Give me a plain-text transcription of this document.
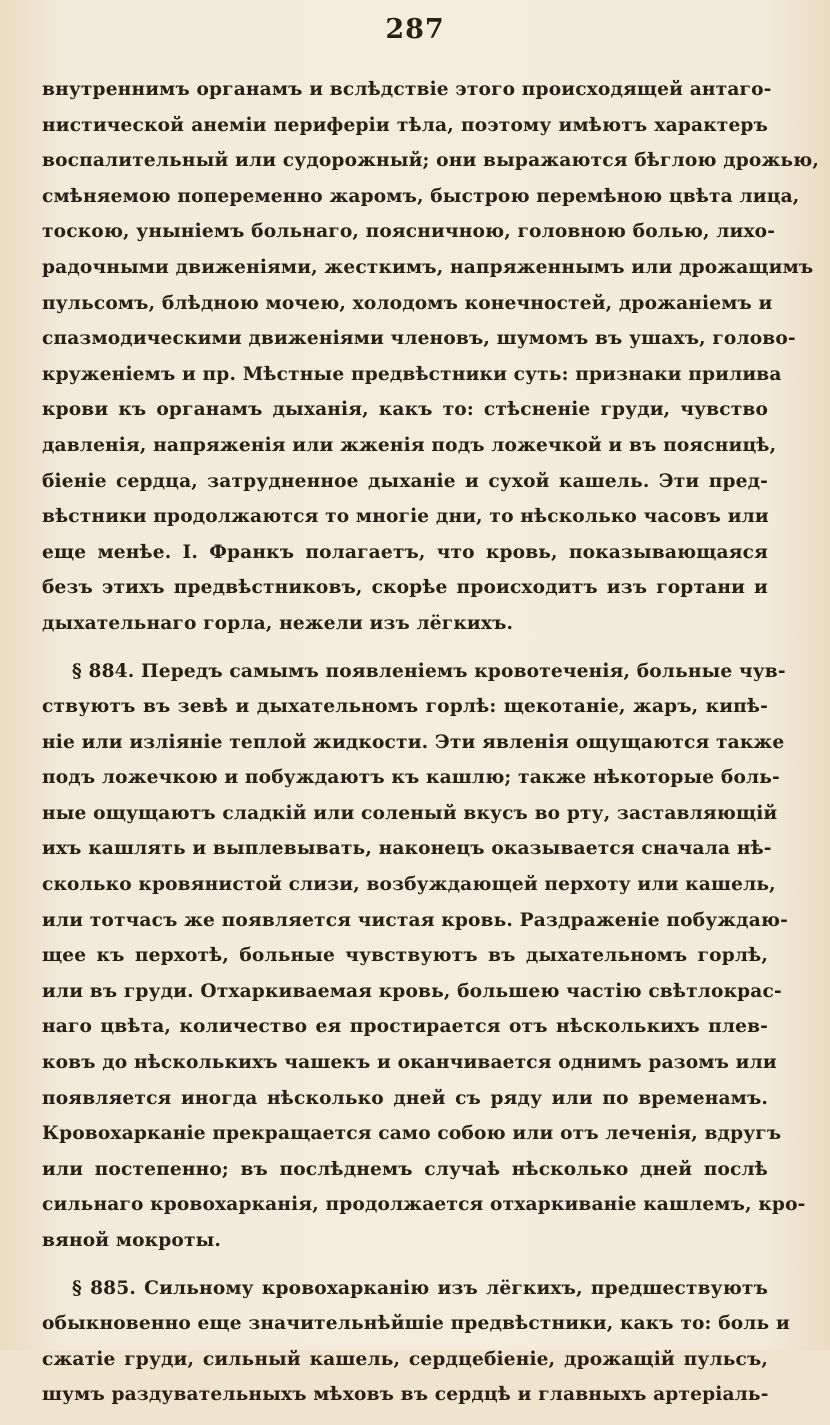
287
внутреннимъ органамъ и вслѣдствіе этого происходящей антаго-
нистической анеміи периферіи тѣла, поэтому имѣютъ характеръ
воспалительный или судорожный; они выражаются бѣглою дрожью,
смѣняемою попеременно жаромъ, быстрою перемѣною цвѣта лица,
тоскою, унынiемъ больнаго, поясничною, головною болью, лихо-
радочными движеніями, жесткимъ, напряженнымъ или дрожащимъ
пульсомъ, блѣдною мочею, холодомъ конечностей, дрожаніемъ и
спазмодическими движеніями членовъ, шумомъ въ ушахъ, голово-
круженіемъ и пр. Мѣстные предвѣстники суть: признаки прилива
крови къ органамъ дыханія, какъ то: стѣсненіе груди, чувство
давленія, напряженія или жженія подъ ложечкой и въ поясницѣ,
біеніе сердца, затрудненное дыханіе и сухой кашель. Эти пред-
вѣстники продолжаются то многіе дни, то нѣсколько часовъ или
еще менѣе. І. Франкъ полагаетъ, что кровь, показывающаяся
безъ этихъ предвѣстниковъ, скорѣе происходитъ изъ гортани и
дыхательнаго горла, нежели изъ лёгкихъ.
§ 884. Передъ самымъ появленіемъ кровотеченія, больные чув-
ствуютъ въ зевѣ и дыхательномъ горлѣ: щекотаніе, жаръ, кипѣ-
ніе или изліяніе теплой жидкости. Эти явленія ощущаются также
подъ ложечкою и побуждаютъ къ кашлю; также нѣкоторые боль-
ные ощущаютъ сладкій или соленый вкусъ во рту, заставляющій
ихъ кашлять и выплевывать, наконецъ оказывается сначала нѣ-
сколько кровянистой слизи, возбуждающей перхоту или кашель,
или тотчасъ же появляется чистая кровь. Раздраженіе побуждаю-
щее къ перхотѣ, больные чувствуютъ въ дыхательномъ горлѣ,
или въ груди. Отхаркиваемая кровь, большею частію свѣтлокрас-
наго цвѣта, количество ея простирается отъ нѣсколькихъ плев-
ковъ до нѣсколькихъ чашекъ и оканчивается однимъ разомъ или
появляется иногда нѣсколько дней съ ряду или по временамъ.
Кровохарканіе прекращается само собою или отъ леченія, вдругъ
или постепенно; въ послѣднемъ случаѣ нѣсколько дней послѣ
сильнаго кровохарканія, продолжается отхаркиваніе кашлемъ, кро-
вяной мокроты.
§ 885. Сильному кровохарканію изъ лёгкихъ, предшествуютъ
обыкновенно еще значительнѣйшіе предвѣстники, какъ то: боль и
сжатіе груди, сильный кашель, сердцебіеніе, дрожащій пульсъ,
шумъ раздувательныхъ мѣховъ въ сердцѣ и главныхъ артеріаль-
